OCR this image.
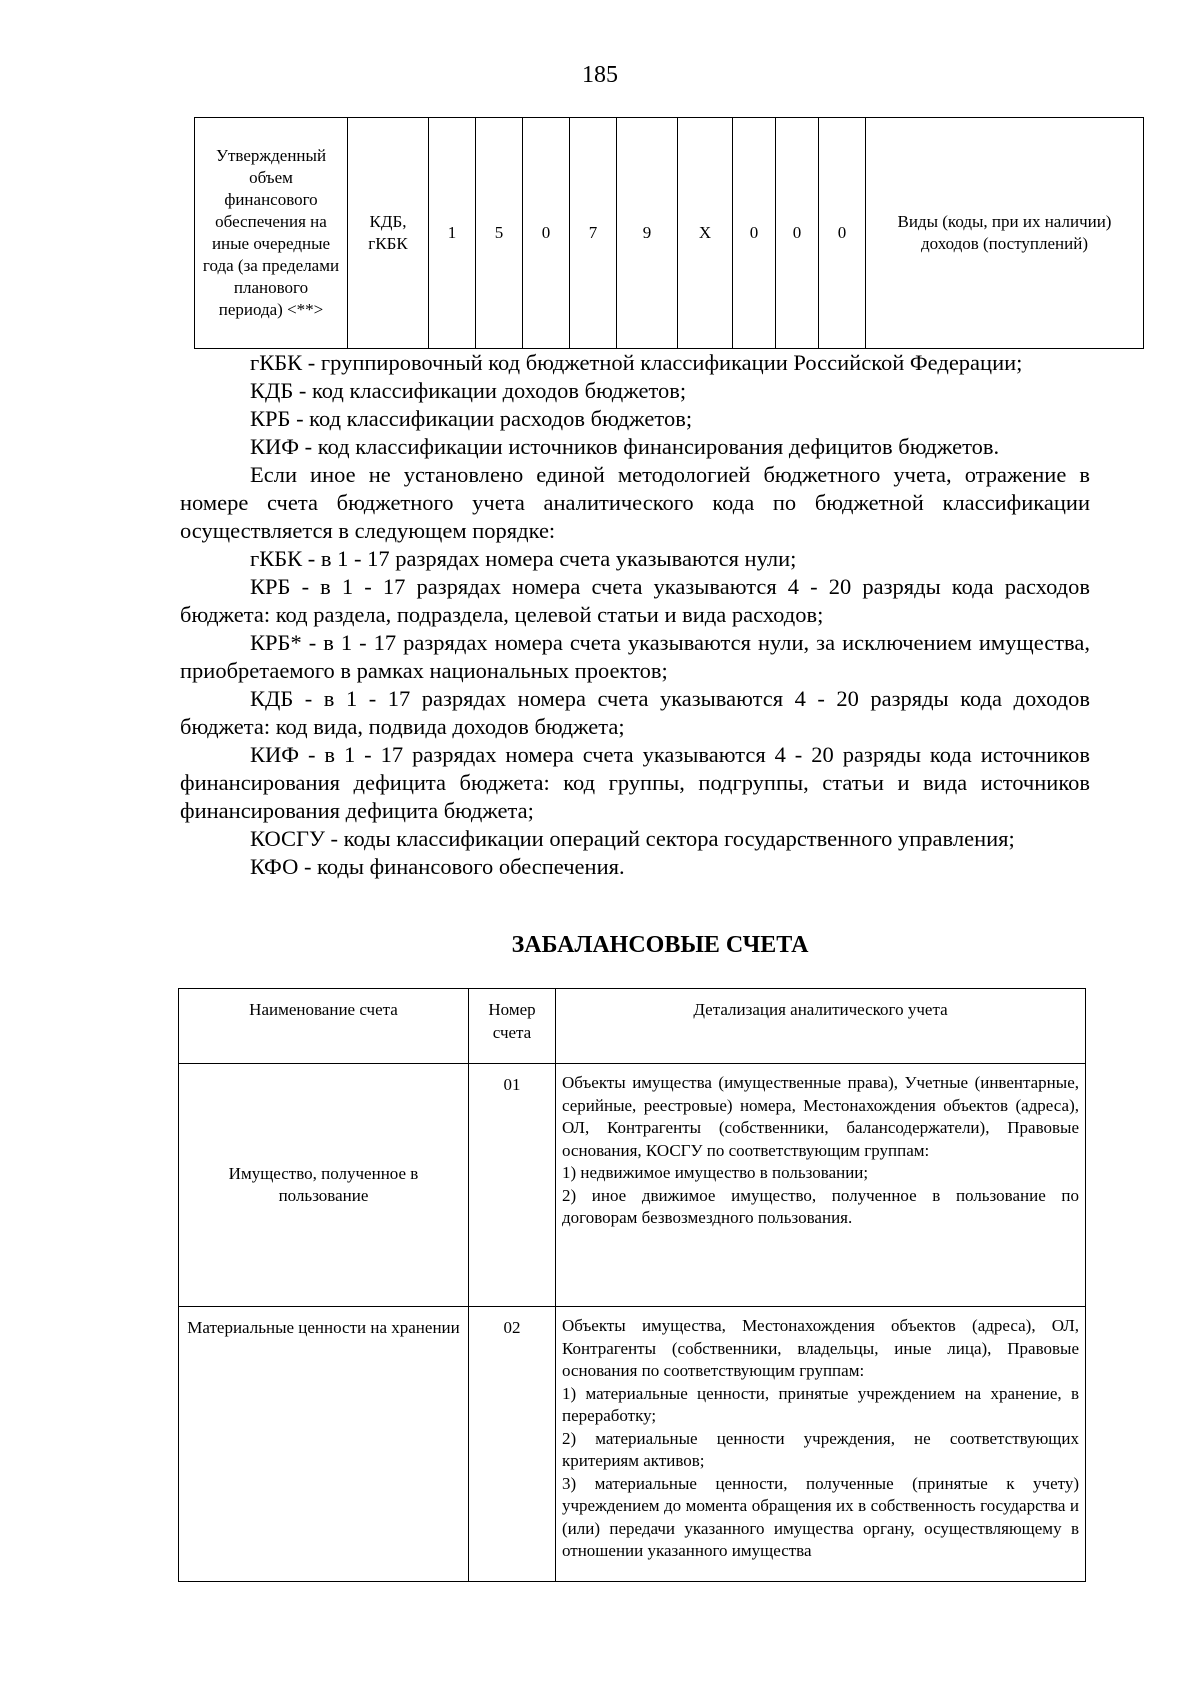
185
Утвержденный объем финансового обеспечения на иные очередные года (за пределами планового периода) <**>	КДБ, гКБК	1	5	0	7	9	X	0	0	0	Виды (коды, при их наличии) доходов (поступлений)

гКБК - группировочный код бюджетной классификации Российской Федерации;

КДБ - код классификации доходов бюджетов;

КРБ - код классификации расходов бюджетов;

КИФ - код классификации источников финансирования дефицитов бюджетов.

Если иное не установлено единой методологией бюджетного учета, отражение в номере счета бюджетного учета аналитического кода по бюджетной классификации осуществляется в следующем порядке:

гКБК - в 1 - 17 разрядах номера счета указываются нули;

КРБ - в 1 - 17 разрядах номера счета указываются 4 - 20 разряды кода расходов бюджета: код раздела, подраздела, целевой статьи и вида расходов;

КРБ* - в 1 - 17 разрядах номера счета указываются нули, за исключением имущества, приобретаемого в рамках национальных проектов;

КДБ - в 1 - 17 разрядах номера счета указываются 4 - 20 разряды кода доходов бюджета: код вида, подвида доходов бюджета;

КИФ - в 1 - 17 разрядах номера счета указываются 4 - 20 разряды кода источников финансирования дефицита бюджета: код группы, подгруппы, статьи и вида источников финансирования дефицита бюджета;

КОСГУ - коды классификации операций сектора государственного управления;

КФО - коды финансового обеспечения.

ЗАБАЛАНСОВЫЕ СЧЕТА
Наименование счета	Номер счета	Детализация аналитического учета
Имущество, полученное в пользование	01	Объекты имущества (имущественные права), Учетные (инвентарные, серийные, реестровые) номера, Местонахождения объектов (адреса), ОЛ, Контрагенты (собственники, балансодержатели), Правовые основания, КОСГУ по соответствующим группам:
1) недвижимое имущество в пользовании;
2) иное движимое имущество, полученное в пользование по договорам безвозмездного пользования.

Материальные ценности на хранении	02	Объекты имущества, Местонахождения объектов (адреса), ОЛ, Контрагенты (собственники, владельцы, иные лица), Правовые основания по соответствующим группам:
1) материальные ценности, принятые учреждением на хранение, в переработку;
2) материальные ценности учреждения, не соответствующих критериям активов;
3) материальные ценности, полученные (принятые к учету) учреждением до момента обращения их в собственность государства и (или) передачи указанного имущества органу, осуществляющему в отношении указанного имущества
